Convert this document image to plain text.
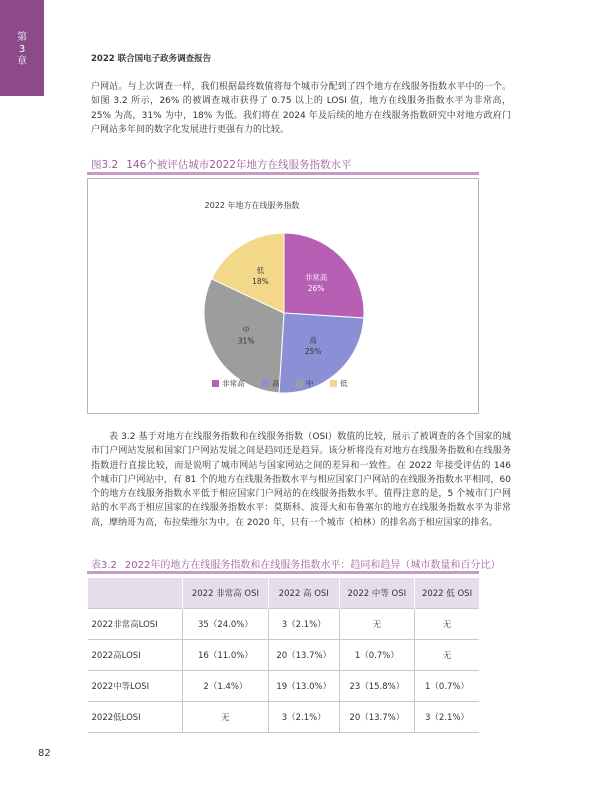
第
3
章	2022 联合国电子政务调查报告
户网站。与上次调查一样，我们根据最终数值将每个城市分配到了四个地方在线服务指数水平中的一个。如图 3.2 所示，26% 的被调查城市获得了 0.75 以上的 LOSI 值，地方在线服务指数水平为非常高，25% 为高，31% 为中，18% 为低。我们将在 2024 年及后续的地方在线服务指数研究中对地方政府门户网站多年间的数字化发展进行更强有力的比较。
图3.2 146个被评估城市2022年地方在线服务指数水平
2022 年地方在线服务指数
非常高
26%
高
25%
中
31%
低
18%
非常高	高	中	低
表 3.2 基于对地方在线服务指数和在线服务指数（OSI）数值的比较，展示了被调查的各个国家的城市门户网站发展和国家门户网站发展之间是趋同还是趋异。该分析将没有对地方在线服务指数和在线服务指数进行直接比较，而是说明了城市网站与国家网站之间的差异和一致性。在 2022 年接受评估的 146 个城市门户网站中，有 81 个的地方在线服务指数水平与相应国家门户网站的在线服务指数水平相同，60 个的地方在线服务指数水平低于相应国家门户网站的在线服务指数水平。值得注意的是，5 个城市门户网站的水平高于相应国家的在线服务指数水平：莫斯科、波哥大和布鲁塞尔的地方在线服务指数水平为非常高，摩纳哥为高，布拉柴维尔为中。在 2020 年，只有一个城市（柏林）的排名高于相应国家的排名。
表3.2 2022年的地方在线服务指数和在线服务指数水平：趋同和趋异（城市数量和百分比）
	2022 非常高 OSI	2022 高 OSI	2022 中等 OSI	2022 低 OSI
2022非常高LOSI	35（24.0%）	3（2.1%）	无	无
2022高LOSI	16（11.0%）	20（13.7%）	1（0.7%）	无
2022中等LOSI	2（1.4%）	19（13.0%）	23（15.8%）	1（0.7%）
2022低LOSI	无	3（2.1%）	20（13.7%）	3（2.1%）
82
